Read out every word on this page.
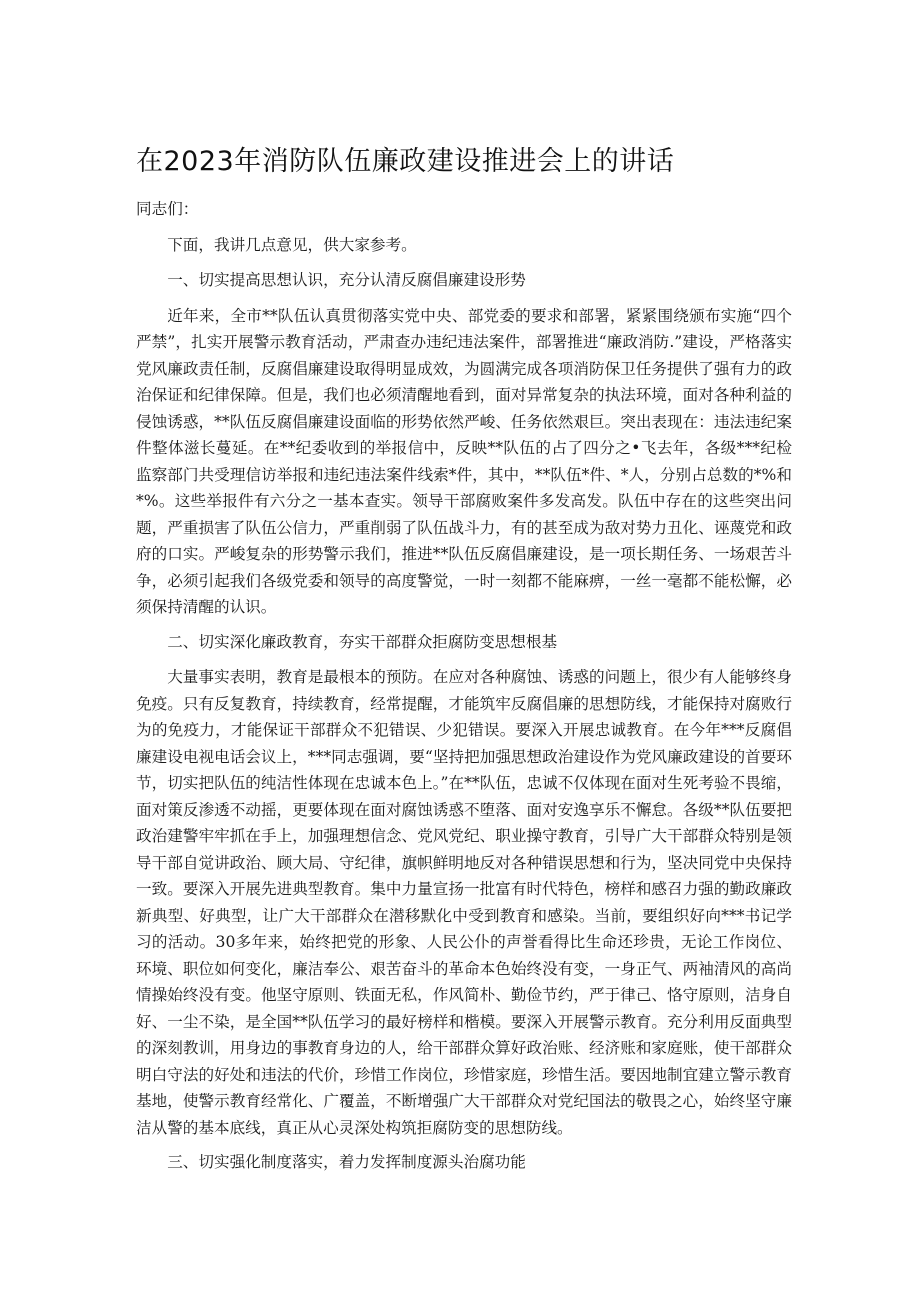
在2023年消防队伍廉政建设推进会上的讲话

同志们：

下面，我讲几点意见，供大家参考。

一、切实提高思想认识，充分认清反腐倡廉建设形势

近年来，全市**队伍认真贯彻落实党中央、部党委的要求和部署，紧紧围绕颁布实施“四个严禁”，扎实开展警示教育活动，严肃查办违纪违法案件，部署推进“廉政消防.”建设，严格落实党风廉政责任制，反腐倡廉建设取得明显成效，为圆满完成各项消防保卫任务提供了强有力的政治保证和纪律保障。但是，我们也必须清醒地看到，面对异常复杂的执法环境，面对各种利益的侵蚀诱惑，**队伍反腐倡廉建设面临的形势依然严峻、任务依然艰巨。突出表现在：违法违纪案件整体滋长蔓延。在**纪委收到的举报信中，反映**队伍的占了四分之•飞去年，各级***纪检监察部门共受理信访举报和违纪违法案件线索*件，其中，**队伍*件、*人，分别占总数的*%和*%。这些举报件有六分之一基本查实。领导干部腐败案件多发高发。队伍中存在的这些突出问题，严重损害了队伍公信力，严重削弱了队伍战斗力，有的甚至成为敌对势力丑化、诬蔑党和政府的口实。严峻复杂的形势警示我们，推进**队伍反腐倡廉建设，是一项长期任务、一场艰苦斗争，必须引起我们各级党委和领导的高度警觉，一时一刻都不能麻痹，一丝一毫都不能松懈，必须保持清醒的认识。

二、切实深化廉政教育，夯实干部群众拒腐防变思想根基

大量事实表明，教育是最根本的预防。在应对各种腐蚀、诱惑的问题上，很少有人能够终身免疫。只有反复教育，持续教育，经常提醒，才能筑牢反腐倡廉的思想防线，才能保持对腐败行为的免疫力，才能保证干部群众不犯错误、少犯错误。要深入开展忠诚教育。在今年***反腐倡廉建设电视电话会议上，***同志强调，要“坚持把加强思想政治建设作为党风廉政建设的首要环节，切实把队伍的纯洁性体现在忠诚本色上。”在**队伍，忠诚不仅体现在面对生死考验不畏缩，面对策反渗透不动摇，更要体现在面对腐蚀诱惑不堕落、面对安逸享乐不懈怠。各级**队伍要把政治建警牢牢抓在手上，加强理想信念、党风党纪、职业操守教育，引导广大干部群众特别是领导干部自觉讲政治、顾大局、守纪律，旗帜鲜明地反对各种错误思想和行为，坚决同党中央保持一致。要深入开展先进典型教育。集中力量宣扬一批富有时代特色，榜样和感召力强的勤政廉政新典型、好典型，让广大干部群众在潜移默化中受到教育和感染。当前，要组织好向***书记学习的活动。30多年来，始终把党的形象、人民公仆的声誉看得比生命还珍贵，无论工作岗位、环境、职位如何变化，廉洁奉公、艰苦奋斗的革命本色始终没有变，一身正气、两袖清风的高尚情操始终没有变。他坚守原则、铁面无私，作风简朴、勤俭节约，严于律己、恪守原则，洁身自好、一尘不染，是全国**队伍学习的最好榜样和楷模。要深入开展警示教育。充分利用反面典型的深刻教训，用身边的事教育身边的人，给干部群众算好政治账、经济账和家庭账，使干部群众明白守法的好处和违法的代价，珍惜工作岗位，珍惜家庭，珍惜生活。要因地制宜建立警示教育基地，使警示教育经常化、广覆盖，不断增强广大干部群众对党纪国法的敬畏之心，始终坚守廉洁从警的基本底线，真正从心灵深处构筑拒腐防变的思想防线。

三、切实强化制度落实，着力发挥制度源头治腐功能
